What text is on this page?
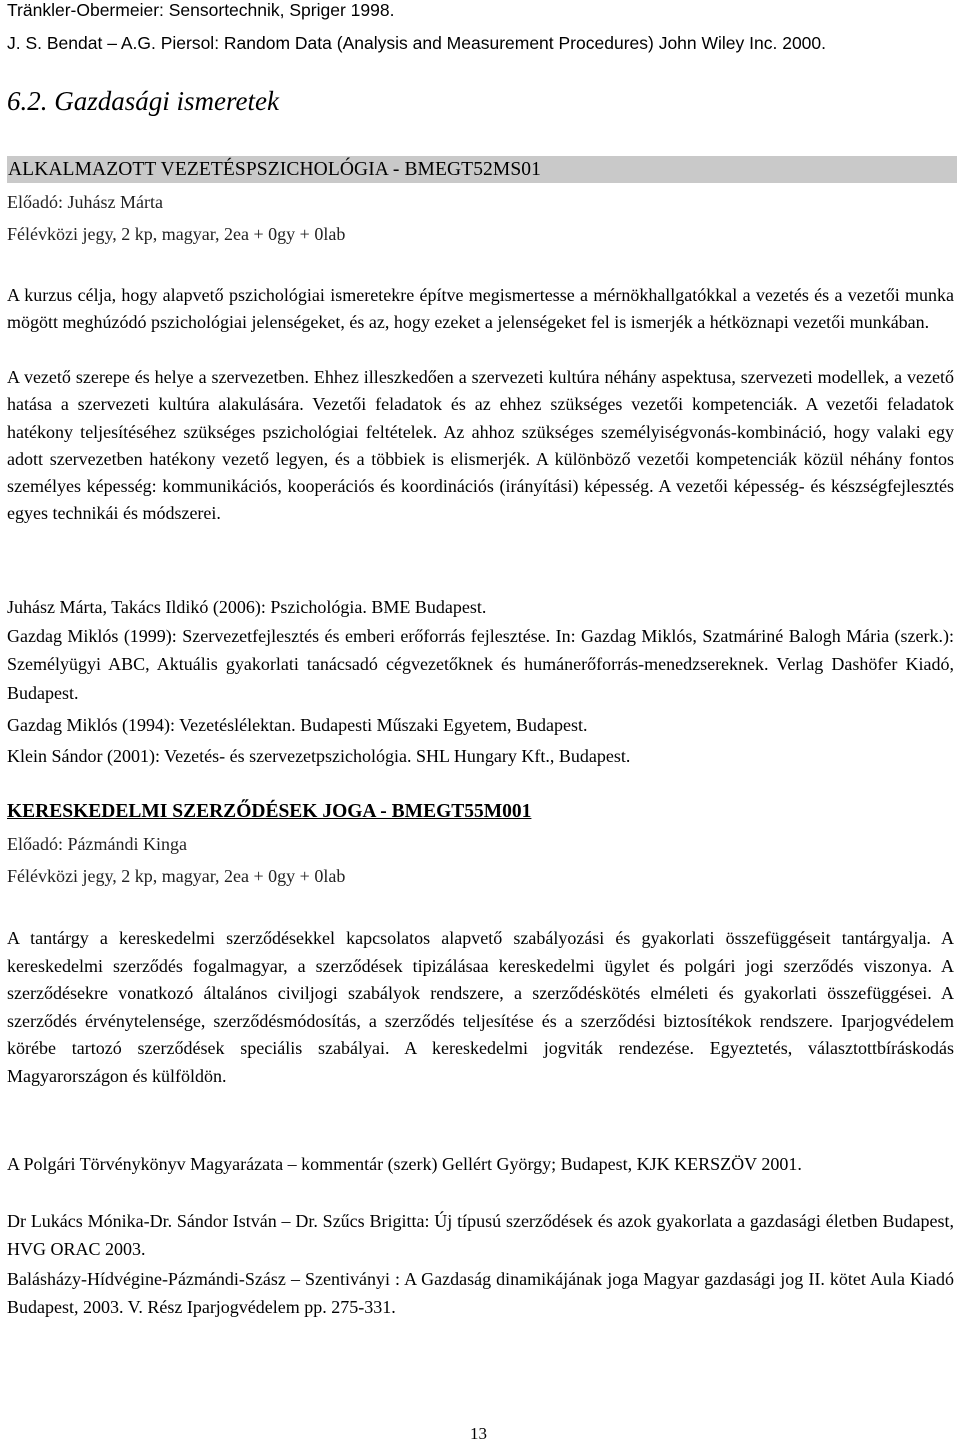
Tränkler-Obermeier: Sensortechnik, Spriger 1998.
J. S. Bendat – A.G. Piersol: Random Data (Analysis and Measurement Procedures) John Wiley Inc. 2000.
6.2. Gazdasági ismeretek
ALKALMAZOTT VEZETÉSPSZICHOLÓGIA - BMEGT52MS01
Előadó: Juhász Márta
Félévközi jegy, 2 kp, magyar, 2ea + 0gy + 0lab
A kurzus célja, hogy alapvető pszichológiai ismeretekre építve megismertesse a mérnökhallgatókkal a vezetés és a vezetői munka mögött meghúzódó pszichológiai jelenségeket, és az, hogy ezeket a jelenségeket fel is ismerjék a hétköznapi vezetői munkában.
A vezető szerepe és helye a szervezetben. Ehhez illeszkedően a szervezeti kultúra néhány aspektusa, szervezeti modellek, a vezető hatása a szervezeti kultúra alakulására. Vezetői feladatok és az ehhez szükséges vezetői kompetenciák. A vezetői feladatok hatékony teljesítéséhez szükséges pszichológiai feltételek. Az ahhoz szükséges személyiségvonás-kombináció, hogy valaki egy adott szervezetben hatékony vezető legyen, és a többiek is elismerjék. A különböző vezetői kompetenciák közül néhány fontos személyes képesség: kommunikációs, kooperációs és koordinációs (irányítási) képesség. A vezetői képesség- és készségfejlesztés egyes technikái és módszerei.
Juhász Márta, Takács Ildikó (2006): Pszichológia. BME Budapest.
Gazdag Miklós (1999): Szervezetfejlesztés és emberi erőforrás fejlesztése. In: Gazdag Miklós, Szatmáriné Balogh Mária (szerk.): Személyügyi ABC, Aktuális gyakorlati tanácsadó cégvezetőknek és humánerőforrás-menedzsereknek. Verlag Dashöfer Kiadó, Budapest.
Gazdag Miklós (1994): Vezetéslélektan. Budapesti Műszaki Egyetem, Budapest.
Klein Sándor (2001): Vezetés- és szervezetpszichológia. SHL Hungary Kft., Budapest.
KERESKEDELMI SZERZŐDÉSEK JOGA - BMEGT55M001
Előadó: Pázmándi Kinga
Félévközi jegy, 2 kp, magyar, 2ea + 0gy + 0lab
A tantárgy a kereskedelmi szerződésekkel kapcsolatos alapvető szabályozási és gyakorlati összefüggéseit tantárgyalja. A kereskedelmi szerződés fogalmagyar, a szerződések tipizálásaa kereskedelmi ügylet és polgári jogi szerződés viszonya. A szerződésekre vonatkozó általános civiljogi szabályok rendszere, a szerződéskötés elméleti és gyakorlati összefüggései. A szerződés érvénytelensége, szerződésmódosítás, a szerződés teljesítése és a szerződési biztosítékok rendszere. Iparjogvédelem körébe tartozó szerződések speciális szabályai. A kereskedelmi jogviták rendezése. Egyeztetés, választottbíráskodás Magyarországon és külföldön.
A Polgári Törvénykönyv Magyarázata – kommentár (szerk) Gellért György; Budapest, KJK KERSZÖV 2001.
Dr Lukács Mónika-Dr. Sándor István – Dr. Szűcs Brigitta: Új típusú szerződések és azok gyakorlata a gazdasági életben Budapest, HVG ORAC 2003.
Balásházy-Hídvégine-Pázmándi-Szász – Szentiványi : A Gazdaság dinamikájának joga Magyar gazdasági jog II. kötet Aula Kiadó Budapest, 2003. V. Rész Iparjogvédelem pp. 275-331.
13
